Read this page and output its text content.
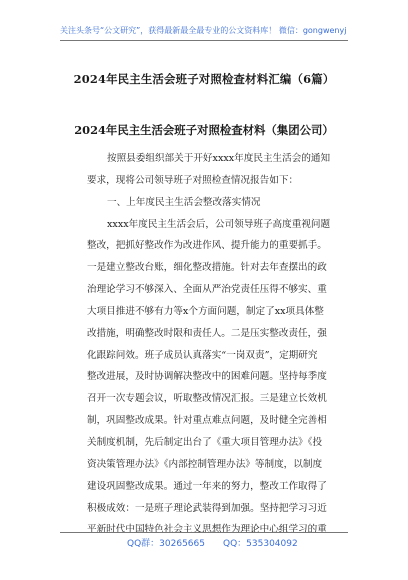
关注头条号“公文研究”，获得最新最全最专业的公文资料库！ 微信：gongwenyj
2024年民主生活会班子对照检查材料汇编（6篇）
2024年民主生活会班子对照检查材料（集团公司）
按照县委组织部关于开好xxxx年度民主生活会的通知
要求，现将公司领导班子对照检查情况报告如下：
一、上年度民主生活会整改落实情况
xxxx年度民主生活会后，公司领导班子高度重视问题
整改，把抓好整改作为改进作风、提升能力的重要抓手。
一是建立整改台账，细化整改措施。针对去年查摆出的政
治理论学习不够深入、全面从严治党责任压得不够实、重
大项目推进不够有力等x个方面问题，制定了xx项具体整
改措施，明确整改时限和责任人。二是压实整改责任，强
化跟踪问效。班子成员认真落实“一岗双责”，定期研究
整改进展，及时协调解决整改中的困难问题。坚持每季度
召开一次专题会议，听取整改情况汇报。三是建立长效机
制，巩固整改成果。针对重点难点问题，及时健全完善相
关制度机制，先后制定出台了《重大项目管理办法》《投
资决策管理办法》《内部控制管理办法》等制度，以制度
建设巩固整改成果。通过一年来的努力，整改工作取得了
积极成效：一是班子理论武装得到加强。坚持把学习习近
平新时代中国特色社会主义思想作为理论中心组学习的重
QQ群：30265665 QQ：535304092
